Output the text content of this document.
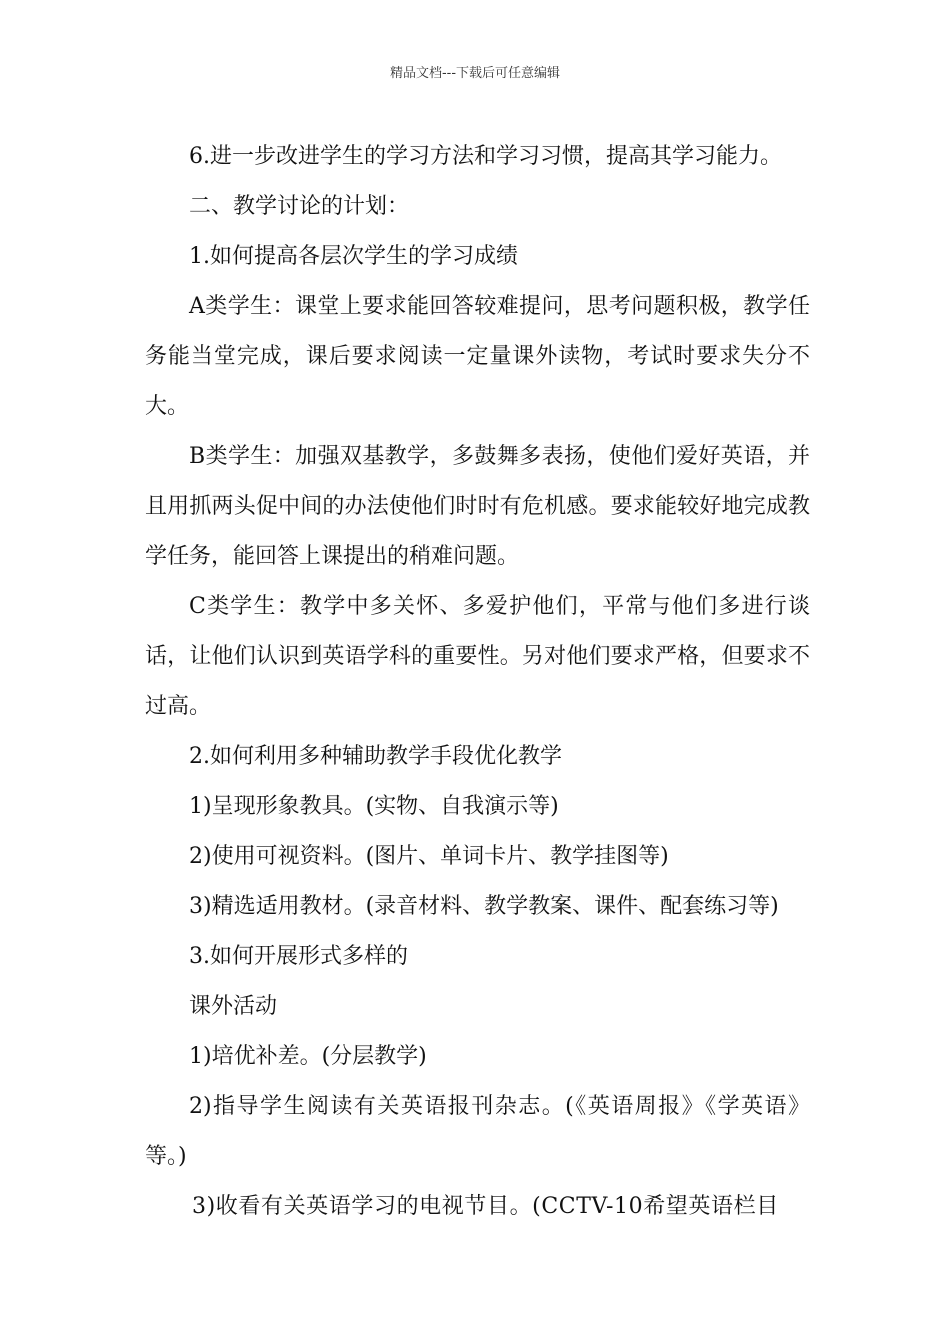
精品文档---下载后可任意编辑

6.进一步改进学生的学习方法和学习习惯，提高其学习能力。

二、教学讨论的计划：

1.如何提高各层次学生的学习成绩

A类学生：课堂上要求能回答较难提问，思考问题积极，教学任务能当堂完成，课后要求阅读一定量课外读物，考试时要求失分不大。

B类学生：加强双基教学，多鼓舞多表扬，使他们爱好英语，并且用抓两头促中间的办法使他们时时有危机感。要求能较好地完成教学任务，能回答上课提出的稍难问题。

C类学生：教学中多关怀、多爱护他们，平常与他们多进行谈话，让他们认识到英语学科的重要性。另对他们要求严格，但要求不过高。

2.如何利用多种辅助教学手段优化教学

1)呈现形象教具。(实物、自我演示等)

2)使用可视资料。(图片、单词卡片、教学挂图等)

3)精选适用教材。(录音材料、教学教案、课件、配套练习等)

3.如何开展形式多样的

课外活动

1)培优补差。(分层教学)

2)指导学生阅读有关英语报刊杂志。(《英语周报》《学英语》等。)

3)收看有关英语学习的电视节目。(CCTV-10希望英语栏目
